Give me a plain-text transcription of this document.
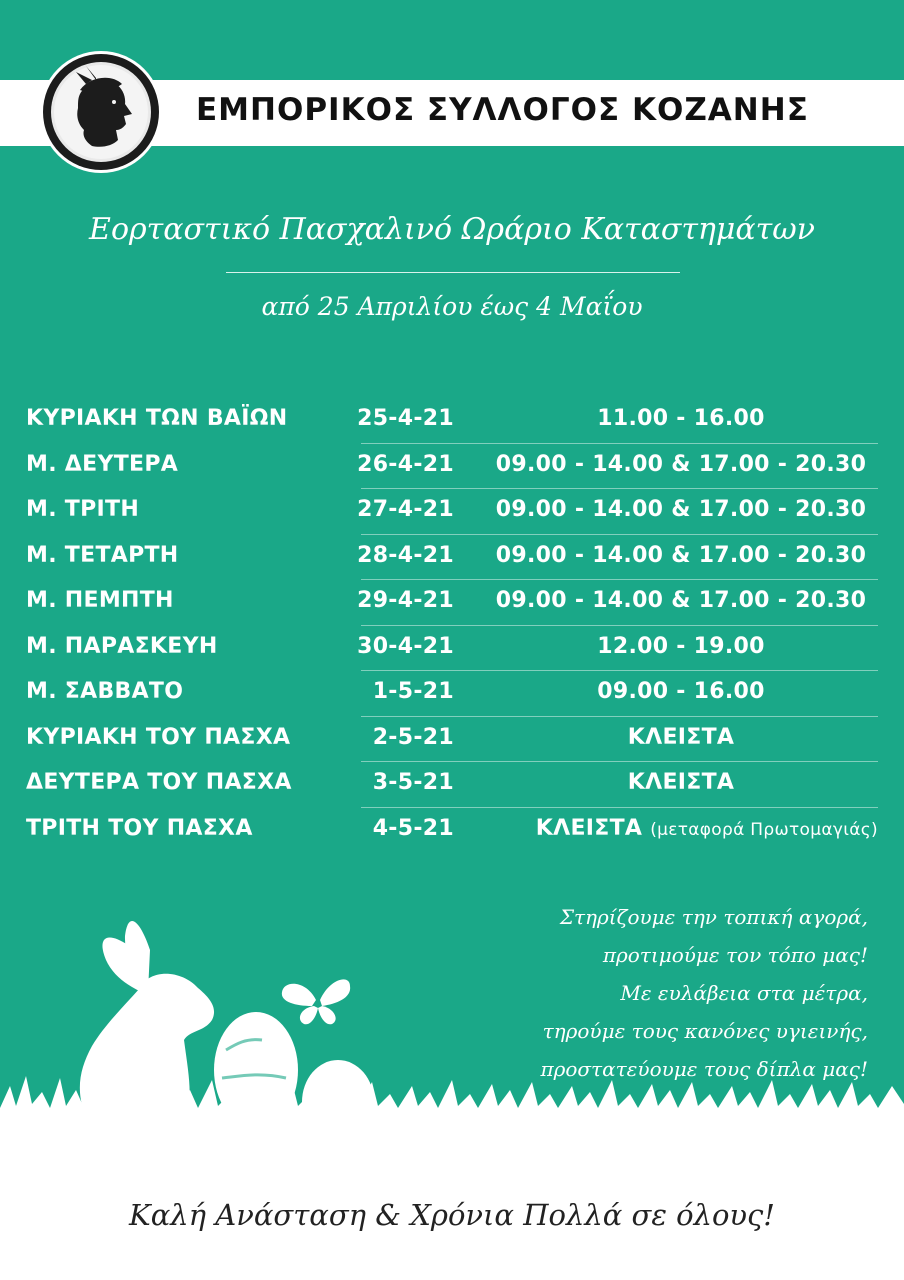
ΕΜΠΟΡΙΚΟΣ ΣΥΛΛΟΓΟΣ ΚΟΖΑΝΗΣ
Εορταστικό Πασχαλινό Ωράριο Καταστημάτων
από 25 Απριλίου έως 4 Μαΐου
ΚΥΡΙΑΚΗ ΤΩΝ ΒΑΪΩΝ	25-4-21	11.00 - 16.00
Μ. ΔΕΥΤΕΡΑ	26-4-21	09.00 - 14.00 & 17.00 - 20.30
Μ. ΤΡΙΤΗ	27-4-21	09.00 - 14.00 & 17.00 - 20.30
Μ. ΤΕΤΑΡΤΗ	28-4-21	09.00 - 14.00 & 17.00 - 20.30
Μ. ΠΕΜΠΤΗ	29-4-21	09.00 - 14.00 & 17.00 - 20.30
Μ. ΠΑΡΑΣΚΕΥΗ	30-4-21	12.00 - 19.00
Μ. ΣΑΒΒΑΤΟ	1-5-21	09.00 - 16.00
ΚΥΡΙΑΚΗ ΤΟΥ ΠΑΣΧΑ	2-5-21	ΚΛΕΙΣΤΑ
ΔΕΥΤΕΡΑ ΤΟΥ ΠΑΣΧΑ	3-5-21	ΚΛΕΙΣΤΑ
ΤΡΙΤΗ ΤΟΥ ΠΑΣΧΑ	4-5-21	ΚΛΕΙΣΤΑ (μεταφορά Πρωτομαγιάς)
Στηρίζουμε την τοπική αγορά,
προτιμούμε τον τόπο μας!
Με ευλάβεια στα μέτρα,
τηρούμε τους κανόνες υγιεινής,
προστατεύουμε τους δίπλα μας!
Καλή Ανάσταση & Χρόνια Πολλά σε όλους!
